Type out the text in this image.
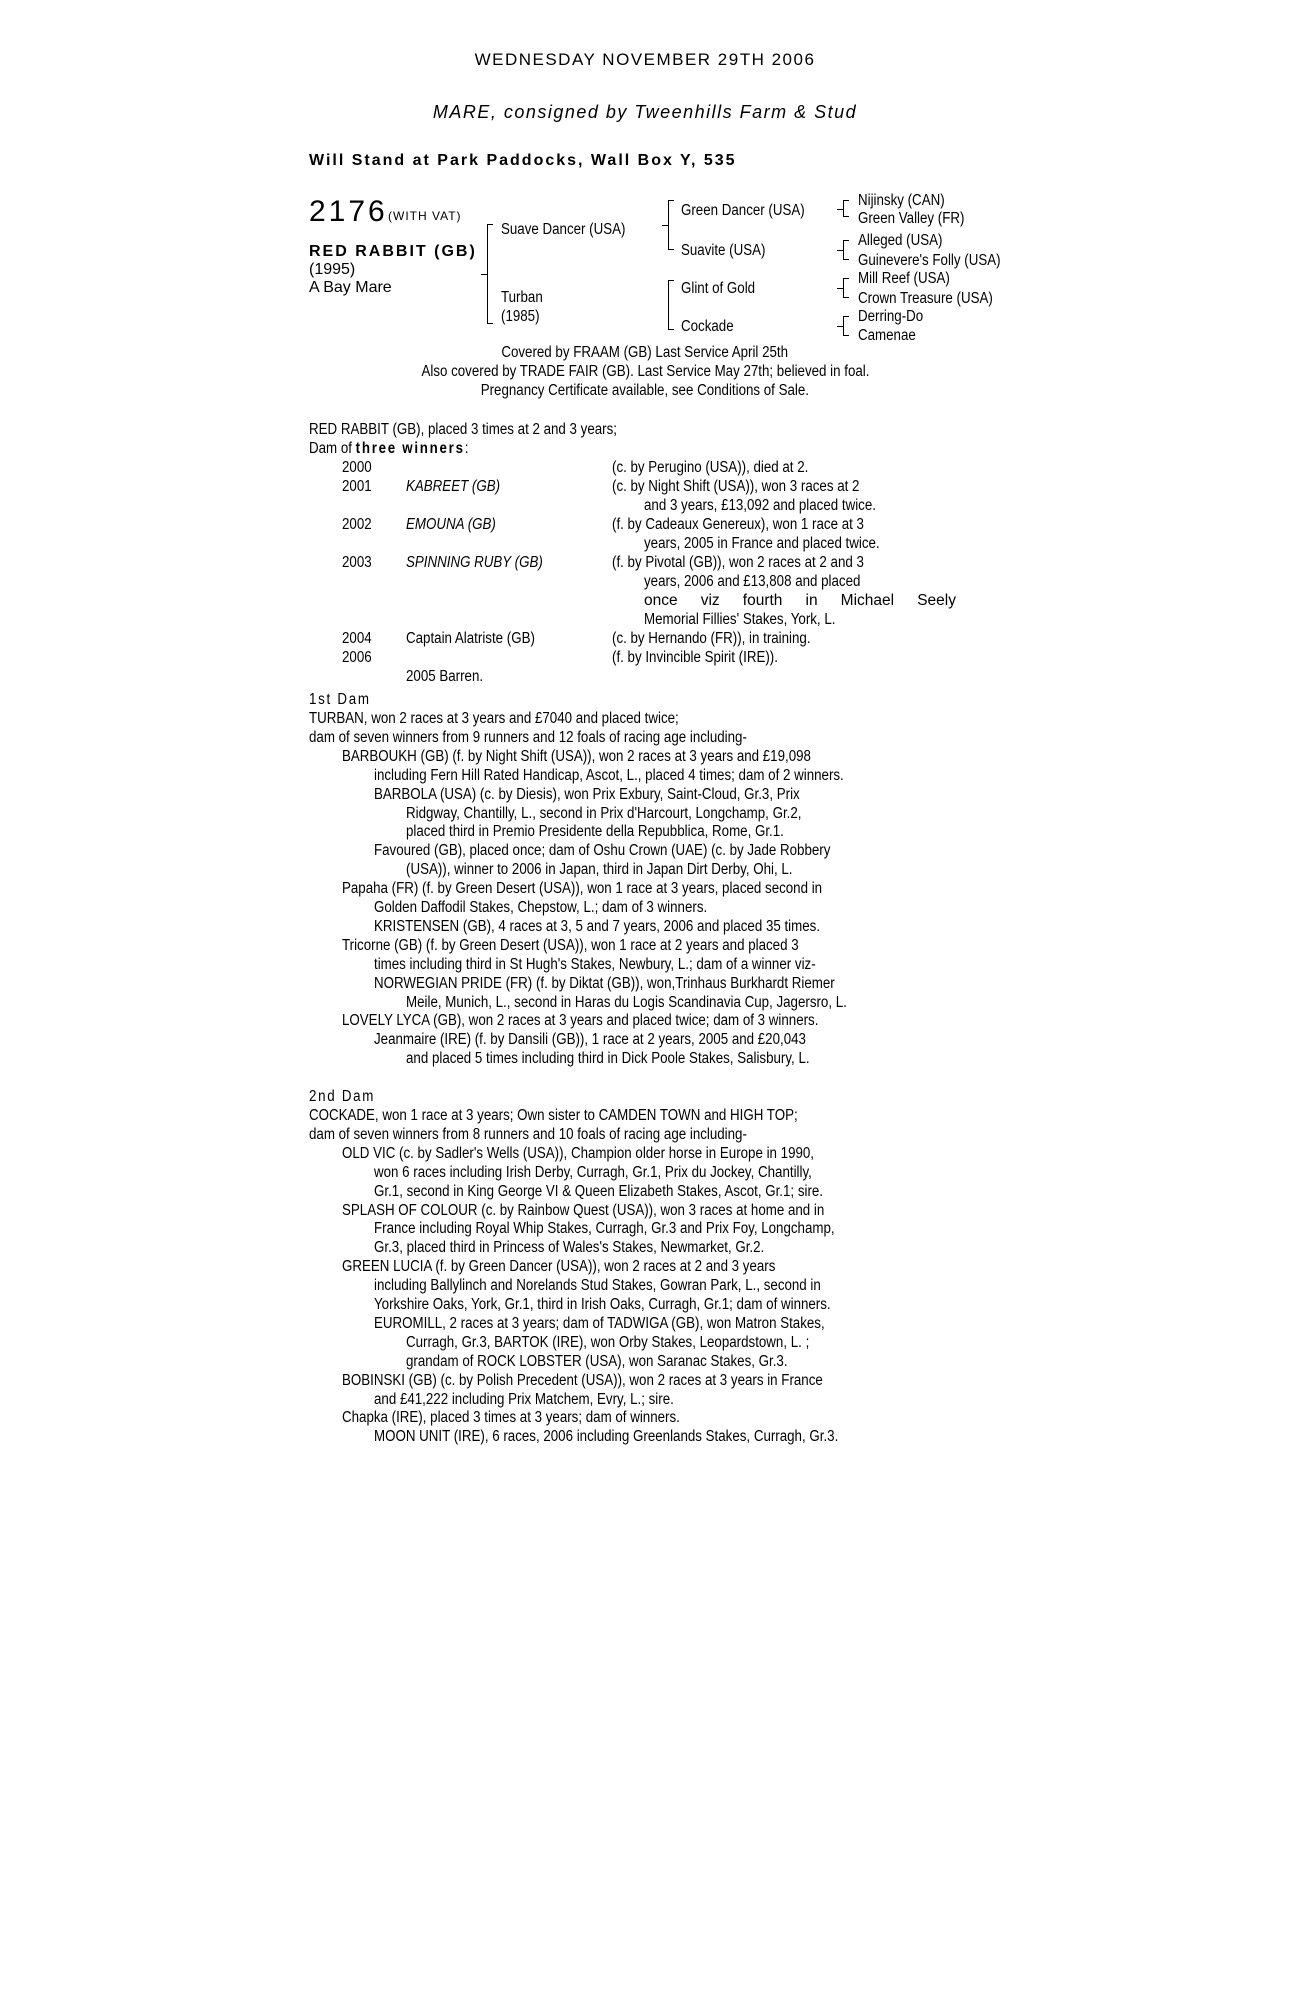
WEDNESDAY NOVEMBER 29TH 2006
MARE, consigned by Tweenhills Farm & Stud
Will Stand at Park Paddocks, Wall Box Y, 535
2176 (WITH VAT)
RED RABBIT (GB)
(1995)
A Bay Mare
Suave Dancer (USA)
Turban
(1985)
Green Dancer (USA)
Suavite (USA)
Glint of Gold
Cockade
Nijinsky (CAN)
Green Valley (FR)
Alleged (USA)
Guinevere's Folly (USA)
Mill Reef (USA)
Crown Treasure (USA)
Derring-Do
Camenae
Covered by FRAAM (GB) Last Service April 25th
Also covered by TRADE FAIR (GB). Last Service May 27th; believed in foal.
Pregnancy Certificate available, see Conditions of Sale.
RED RABBIT (GB), placed 3 times at 2 and 3 years;
Dam of three winners:
2000	(c. by Perugino (USA)), died at 2.
2001 KABREET (GB)	(c. by Night Shift (USA)), won 3 races at 2
and 3 years, £13,092 and placed twice.
2002 EMOUNA (GB)	(f. by Cadeaux Genereux), won 1 race at 3
years, 2005 in France and placed twice.
2003 SPINNING RUBY (GB)	(f. by Pivotal (GB)), won 2 races at 2 and 3
years, 2006 and £13,808 and placed
once viz fourth in Michael Seely
Memorial Fillies' Stakes, York, L.
2004 Captain Alatriste (GB)	(c. by Hernando (FR)), in training.
2006	(f. by Invincible Spirit (IRE)).
2005 Barren.
1st Dam
TURBAN, won 2 races at 3 years and £7040 and placed twice;
dam of seven winners from 9 runners and 12 foals of racing age including-
BARBOUKH (GB) (f. by Night Shift (USA)), won 2 races at 3 years and £19,098
including Fern Hill Rated Handicap, Ascot, L., placed 4 times; dam of 2 winners.
BARBOLA (USA) (c. by Diesis), won Prix Exbury, Saint-Cloud, Gr.3, Prix
Ridgway, Chantilly, L., second in Prix d'Harcourt, Longchamp, Gr.2,
placed third in Premio Presidente della Repubblica, Rome, Gr.1.
Favoured (GB), placed once; dam of Oshu Crown (UAE) (c. by Jade Robbery
(USA)), winner to 2006 in Japan, third in Japan Dirt Derby, Ohi, L.
Papaha (FR) (f. by Green Desert (USA)), won 1 race at 3 years, placed second in
Golden Daffodil Stakes, Chepstow, L.; dam of 3 winners.
KRISTENSEN (GB), 4 races at 3, 5 and 7 years, 2006 and placed 35 times.
Tricorne (GB) (f. by Green Desert (USA)), won 1 race at 2 years and placed 3
times including third in St Hugh's Stakes, Newbury, L.; dam of a winner viz-
NORWEGIAN PRIDE (FR) (f. by Diktat (GB)), won,Trinhaus Burkhardt Riemer
Meile, Munich, L., second in Haras du Logis Scandinavia Cup, Jagersro, L.
LOVELY LYCA (GB), won 2 races at 3 years and placed twice; dam of 3 winners.
Jeanmaire (IRE) (f. by Dansili (GB)), 1 race at 2 years, 2005 and £20,043
and placed 5 times including third in Dick Poole Stakes, Salisbury, L.
2nd Dam
COCKADE, won 1 race at 3 years; Own sister to CAMDEN TOWN and HIGH TOP;
dam of seven winners from 8 runners and 10 foals of racing age including-
OLD VIC (c. by Sadler's Wells (USA)), Champion older horse in Europe in 1990,
won 6 races including Irish Derby, Curragh, Gr.1, Prix du Jockey, Chantilly,
Gr.1, second in King George VI & Queen Elizabeth Stakes, Ascot, Gr.1; sire.
SPLASH OF COLOUR (c. by Rainbow Quest (USA)), won 3 races at home and in
France including Royal Whip Stakes, Curragh, Gr.3 and Prix Foy, Longchamp,
Gr.3, placed third in Princess of Wales's Stakes, Newmarket, Gr.2.
GREEN LUCIA (f. by Green Dancer (USA)), won 2 races at 2 and 3 years
including Ballylinch and Norelands Stud Stakes, Gowran Park, L., second in
Yorkshire Oaks, York, Gr.1, third in Irish Oaks, Curragh, Gr.1; dam of winners.
EUROMILL, 2 races at 3 years; dam of TADWIGA (GB), won Matron Stakes,
Curragh, Gr.3, BARTOK (IRE), won Orby Stakes, Leopardstown, L. ;
grandam of ROCK LOBSTER (USA), won Saranac Stakes, Gr.3.
BOBINSKI (GB) (c. by Polish Precedent (USA)), won 2 races at 3 years in France
and £41,222 including Prix Matchem, Evry, L.; sire.
Chapka (IRE), placed 3 times at 3 years; dam of winners.
MOON UNIT (IRE), 6 races, 2006 including Greenlands Stakes, Curragh, Gr.3.
